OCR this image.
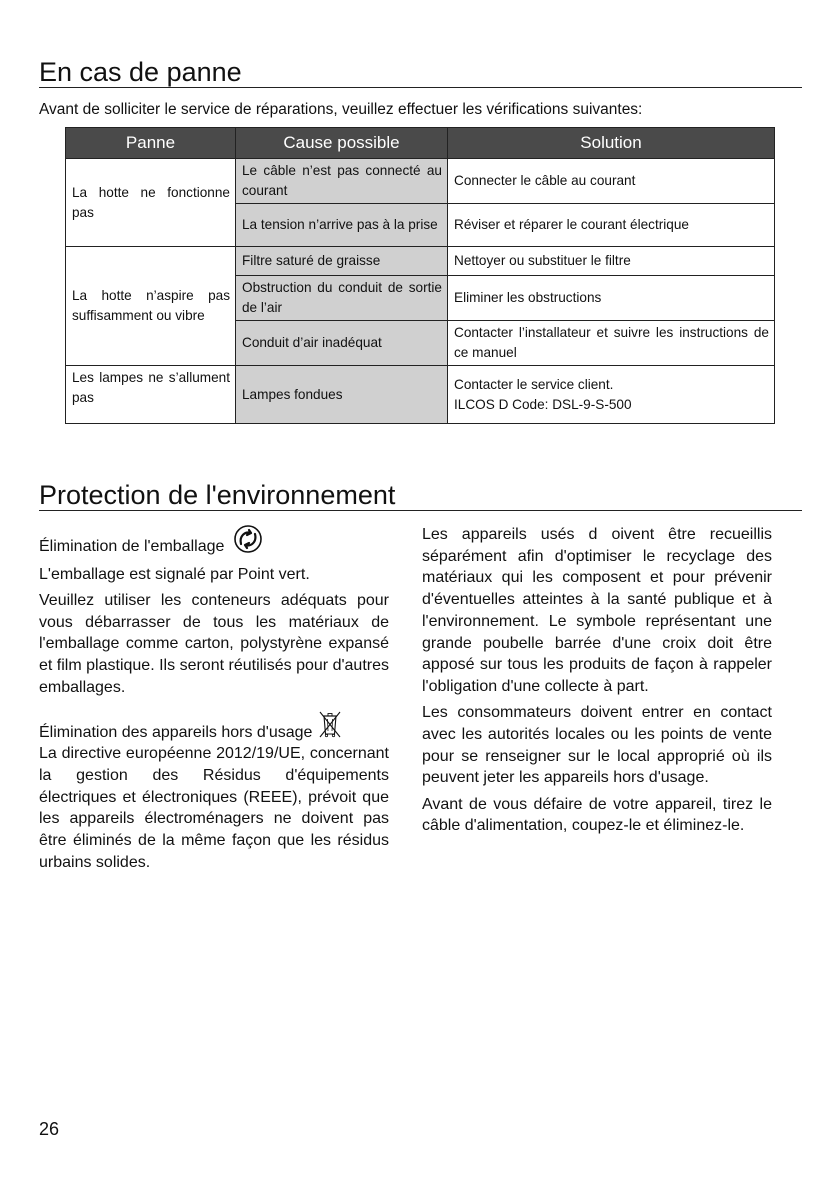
En cas de panne

Avant de solliciter le service de réparations, veuillez effectuer les vérifications suivantes:

Panne	Cause possible	Solution
La hotte ne fonctionne pas	Le câble n’est pas connecté au courant	Connecter le câble au courant
	La tension n’arrive pas à la prise	Réviser et réparer le courant électrique
La hotte n’aspire pas suffisamment ou vibre	Filtre saturé de graisse	Nettoyer ou substituer le filtre
	Obstruction du conduit de sortie de l’air	Eliminer les obstructions
	Conduit d’air inadéquat	Contacter l’installateur et suivre les instructions de ce manuel
Les lampes ne s’allument pas	Lampes fondues	Contacter le service client.
ILCOS D Code: DSL-9-S-500
Protection de l'environnement
Élimination de l'emballage

L'emballage est signalé par Point vert.

Veuillez utiliser les conteneurs adéquats pour vous débarrasser de tous les matériaux de l'emballage comme carton, polystyrène expansé et film plastique. Ils seront réutilisés pour d'autres emballages.

Élimination des appareils hors d'usage

La directive européenne 2012/19/UE, concernant la gestion des Résidus d'équipements électriques et électroniques (REEE), prévoit que les appareils électroménagers ne doivent pas être éliminés de la même façon que les résidus urbains solides.

Les appareils usés d oivent être recueillis séparément afin d'optimiser le recyclage des matériaux qui les composent et pour prévenir d'éventuelles atteintes à la santé publique et à l'environnement. Le symbole représentant une grande poubelle barrée d'une croix doit être apposé sur tous les produits de façon à rappeler l'obligation d'une collecte à part.

Les consommateurs doivent entrer en contact avec les autorités locales ou les points de vente pour se renseigner sur le local approprié où ils peuvent jeter les appareils hors d'usage.

Avant de vous défaire de votre appareil, tirez le câble d'alimentation, coupez-le et éliminez-le.

26
